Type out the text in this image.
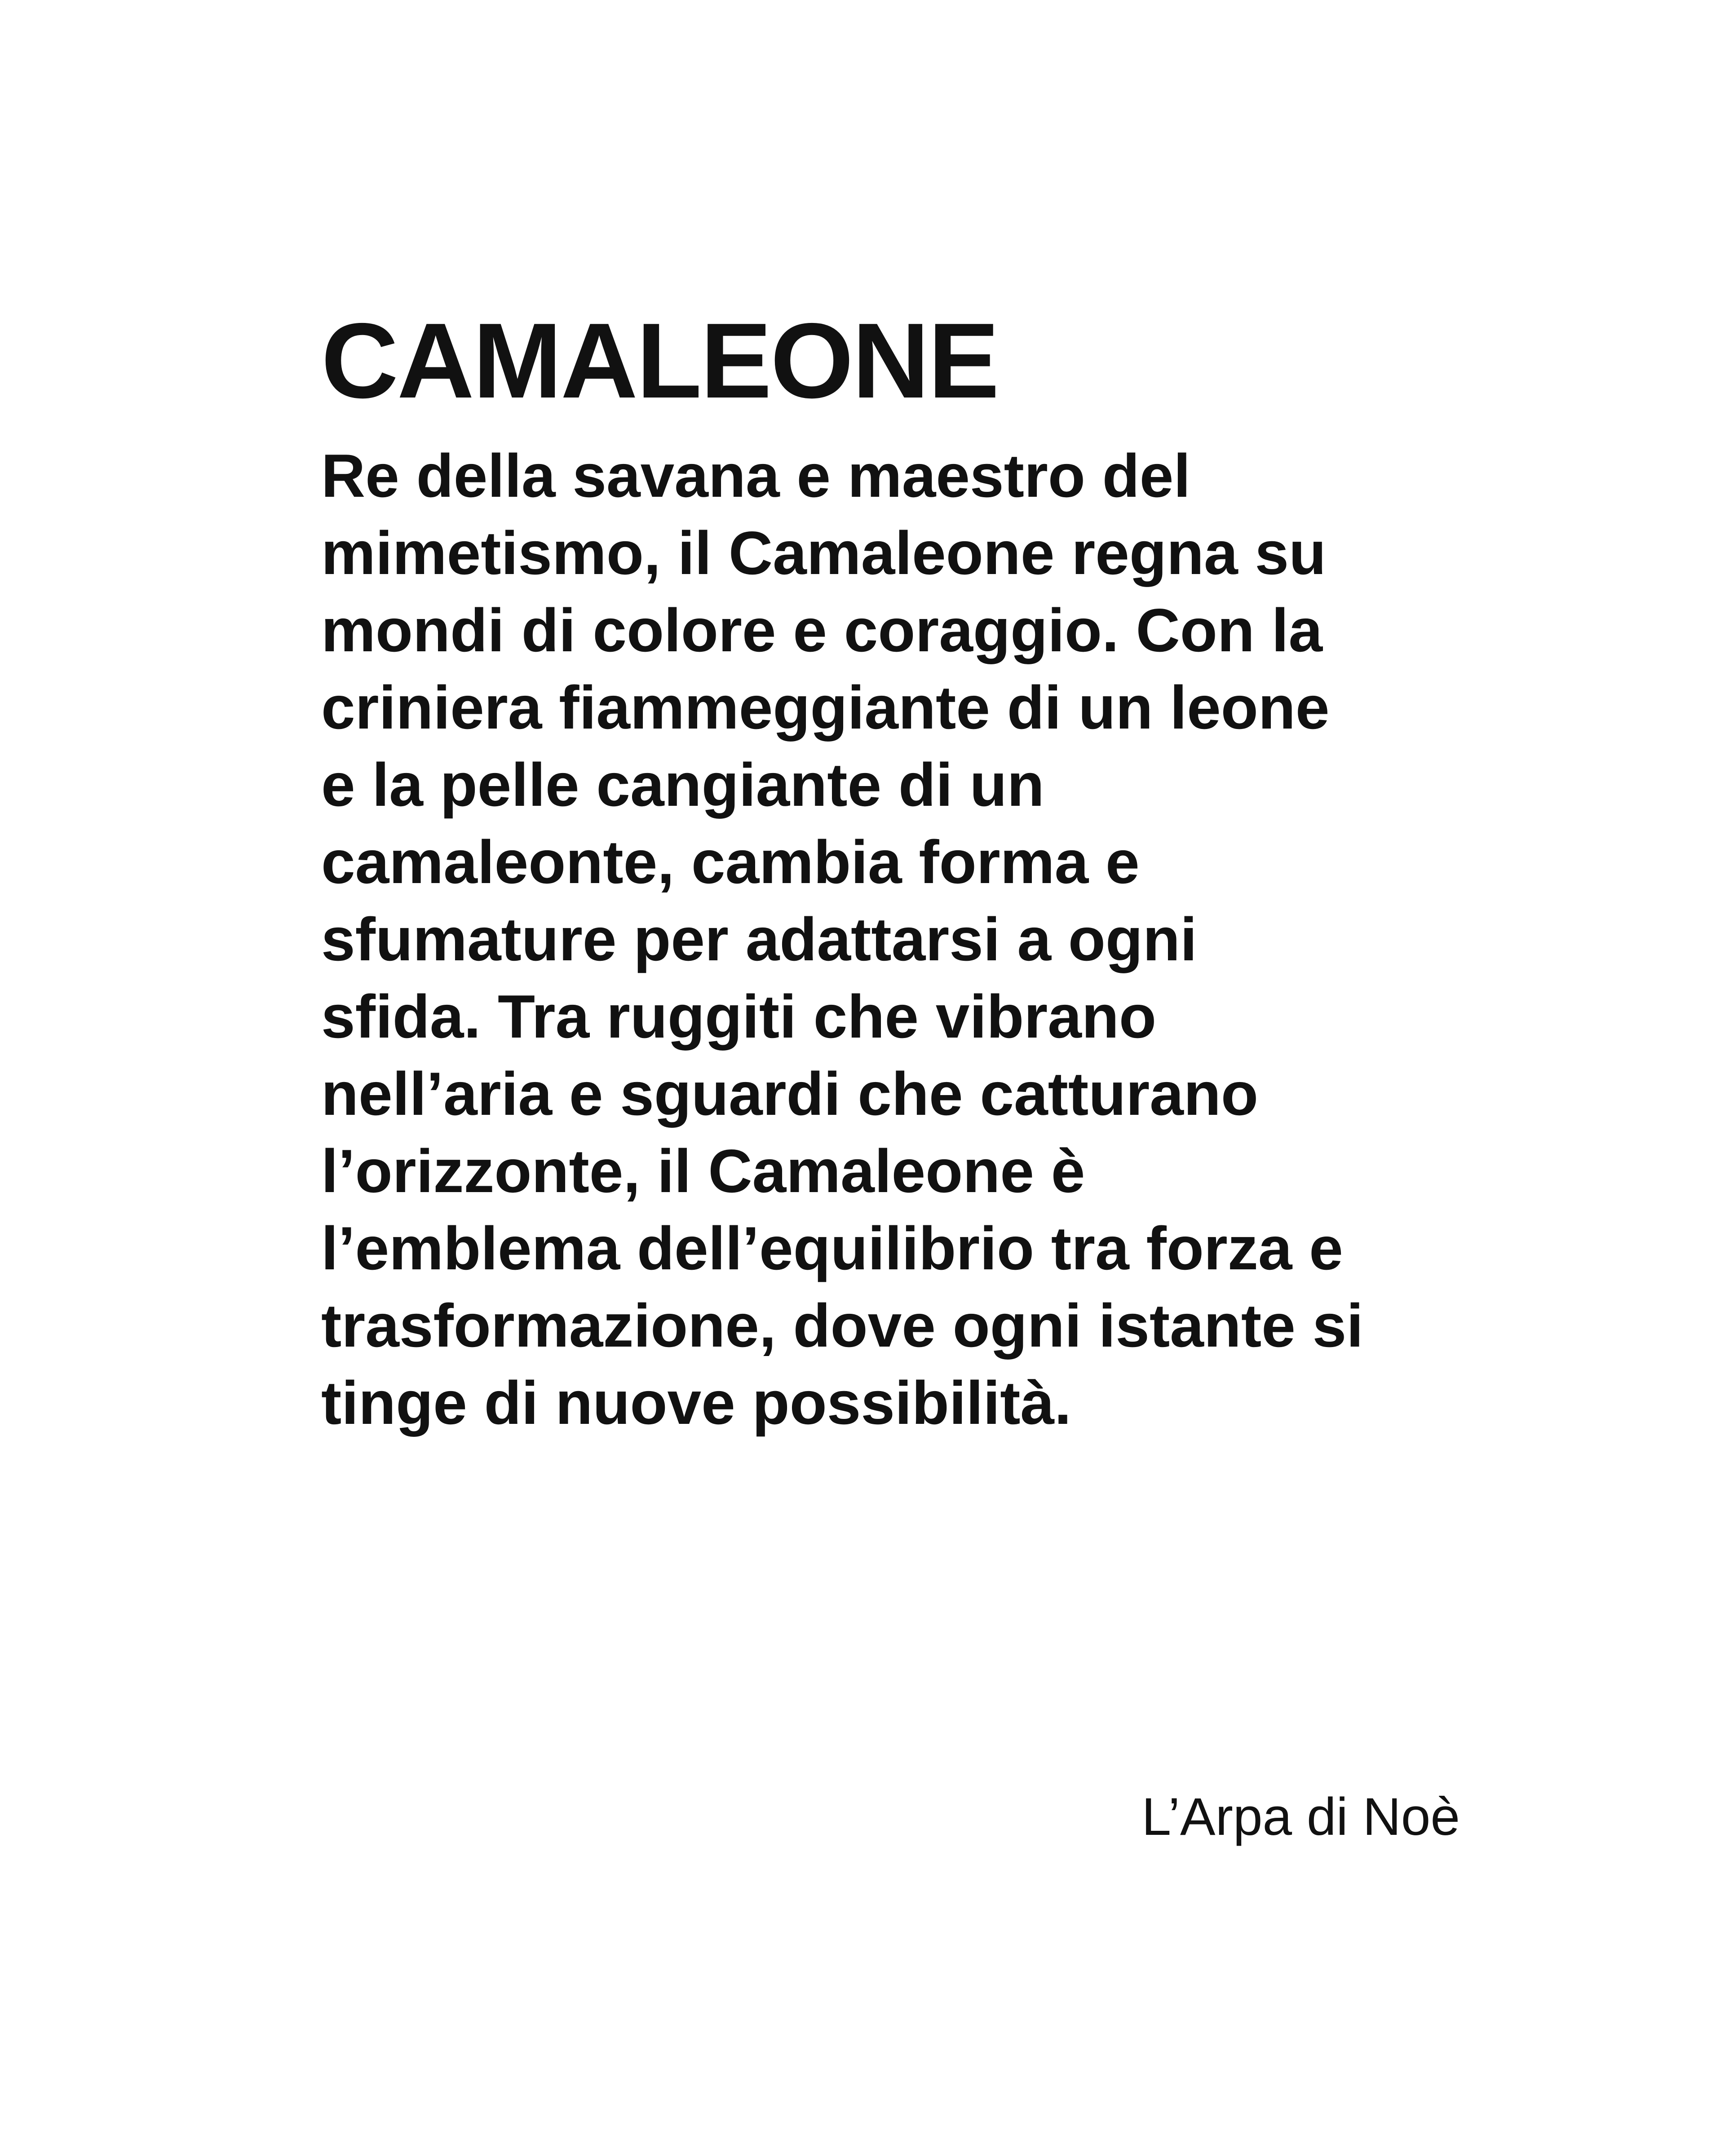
CAMALEONE

Re della savana e maestro del
mimetismo, il Camaleone regna su
mondi di colore e coraggio. Con la
criniera fiammeggiante di un leone
e la pelle cangiante di un
camaleonte, cambia forma e
sfumature per adattarsi a ogni
sfida. Tra ruggiti che vibrano
nell’aria e sguardi che catturano
l’orizzonte, il Camaleone è
l’emblema dell’equilibrio tra forza e
trasformazione, dove ogni istante si
tinge di nuove possibilità.

L’Arpa di Noè
